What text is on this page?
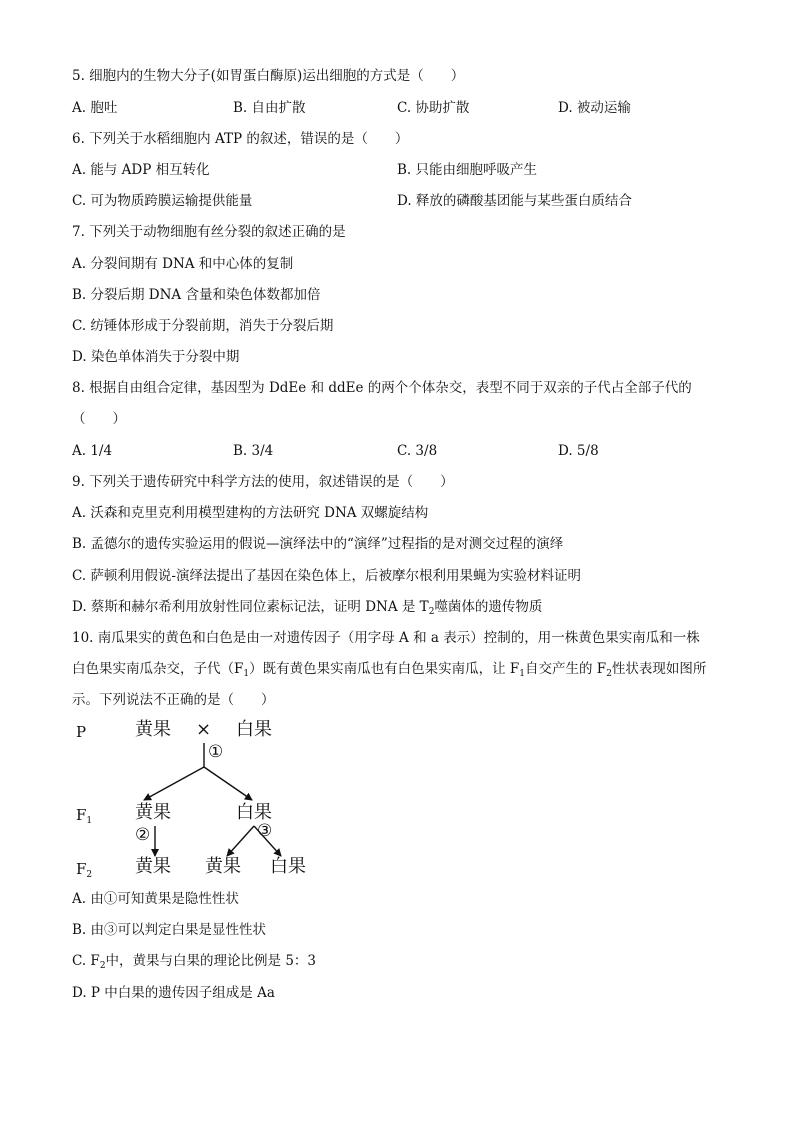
5. 细胞内的生物大分子(如胃蛋白酶原)运出细胞的方式是（　　）
A. 胞吐	B. 自由扩散	C. 协助扩散	D. 被动运输
6. 下列关于水稻细胞内 ATP 的叙述，错误的是（　　）
A. 能与 ADP 相互转化	B. 只能由细胞呼吸产生
C. 可为物质跨膜运输提供能量	D. 释放的磷酸基团能与某些蛋白质结合
7. 下列关于动物细胞有丝分裂的叙述正确的是
A. 分裂间期有 DNA 和中心体的复制
B. 分裂后期 DNA 含量和染色体数都加倍
C. 纺锤体形成于分裂前期，消失于分裂后期
D. 染色单体消失于分裂中期
8. 根据自由组合定律，基因型为 DdEe 和 ddEe 的两个个体杂交，表型不同于双亲的子代占全部子代的
（　　）
A. 1/4	B. 3/4	C. 3/8	D. 5/8
9. 下列关于遗传研究中科学方法的使用，叙述错误的是（　　）
A. 沃森和克里克利用模型建构的方法研究 DNA 双螺旋结构
B. 孟德尔的遗传实验运用的假说—演绎法中的“演绎”过程指的是对测交过程的演绎
C. 萨顿利用假说-演绎法提出了基因在染色体上，后被摩尔根利用果蝇为实验材料证明
D. 蔡斯和赫尔希利用放射性同位素标记法，证明 DNA 是 $T_2$噬菌体的遗传物质
10. 南瓜果实的黄色和白色是由一对遗传因子（用字母 A 和 a 表示）控制的，用一株黄色果实南瓜和一株
白色果实南瓜杂交，子代$(F_1)$既有黄色果实南瓜也有白色果实南瓜，让 $F_1$自交产生的 $F_2$性状表现如图所
示。下列说法不正确的是（　　）
P	黄果 × 白果
①
$F_1$ 黄果	白果
②	③
$F_2$ 黄果 黄果 白果
A. 由①可知黄果是隐性性状
B. 由③可以判定白果是显性性状
C. $F_2$中，黄果与白果的理论比例是 5：3
D. P 中白果的遗传因子组成是 Aa
